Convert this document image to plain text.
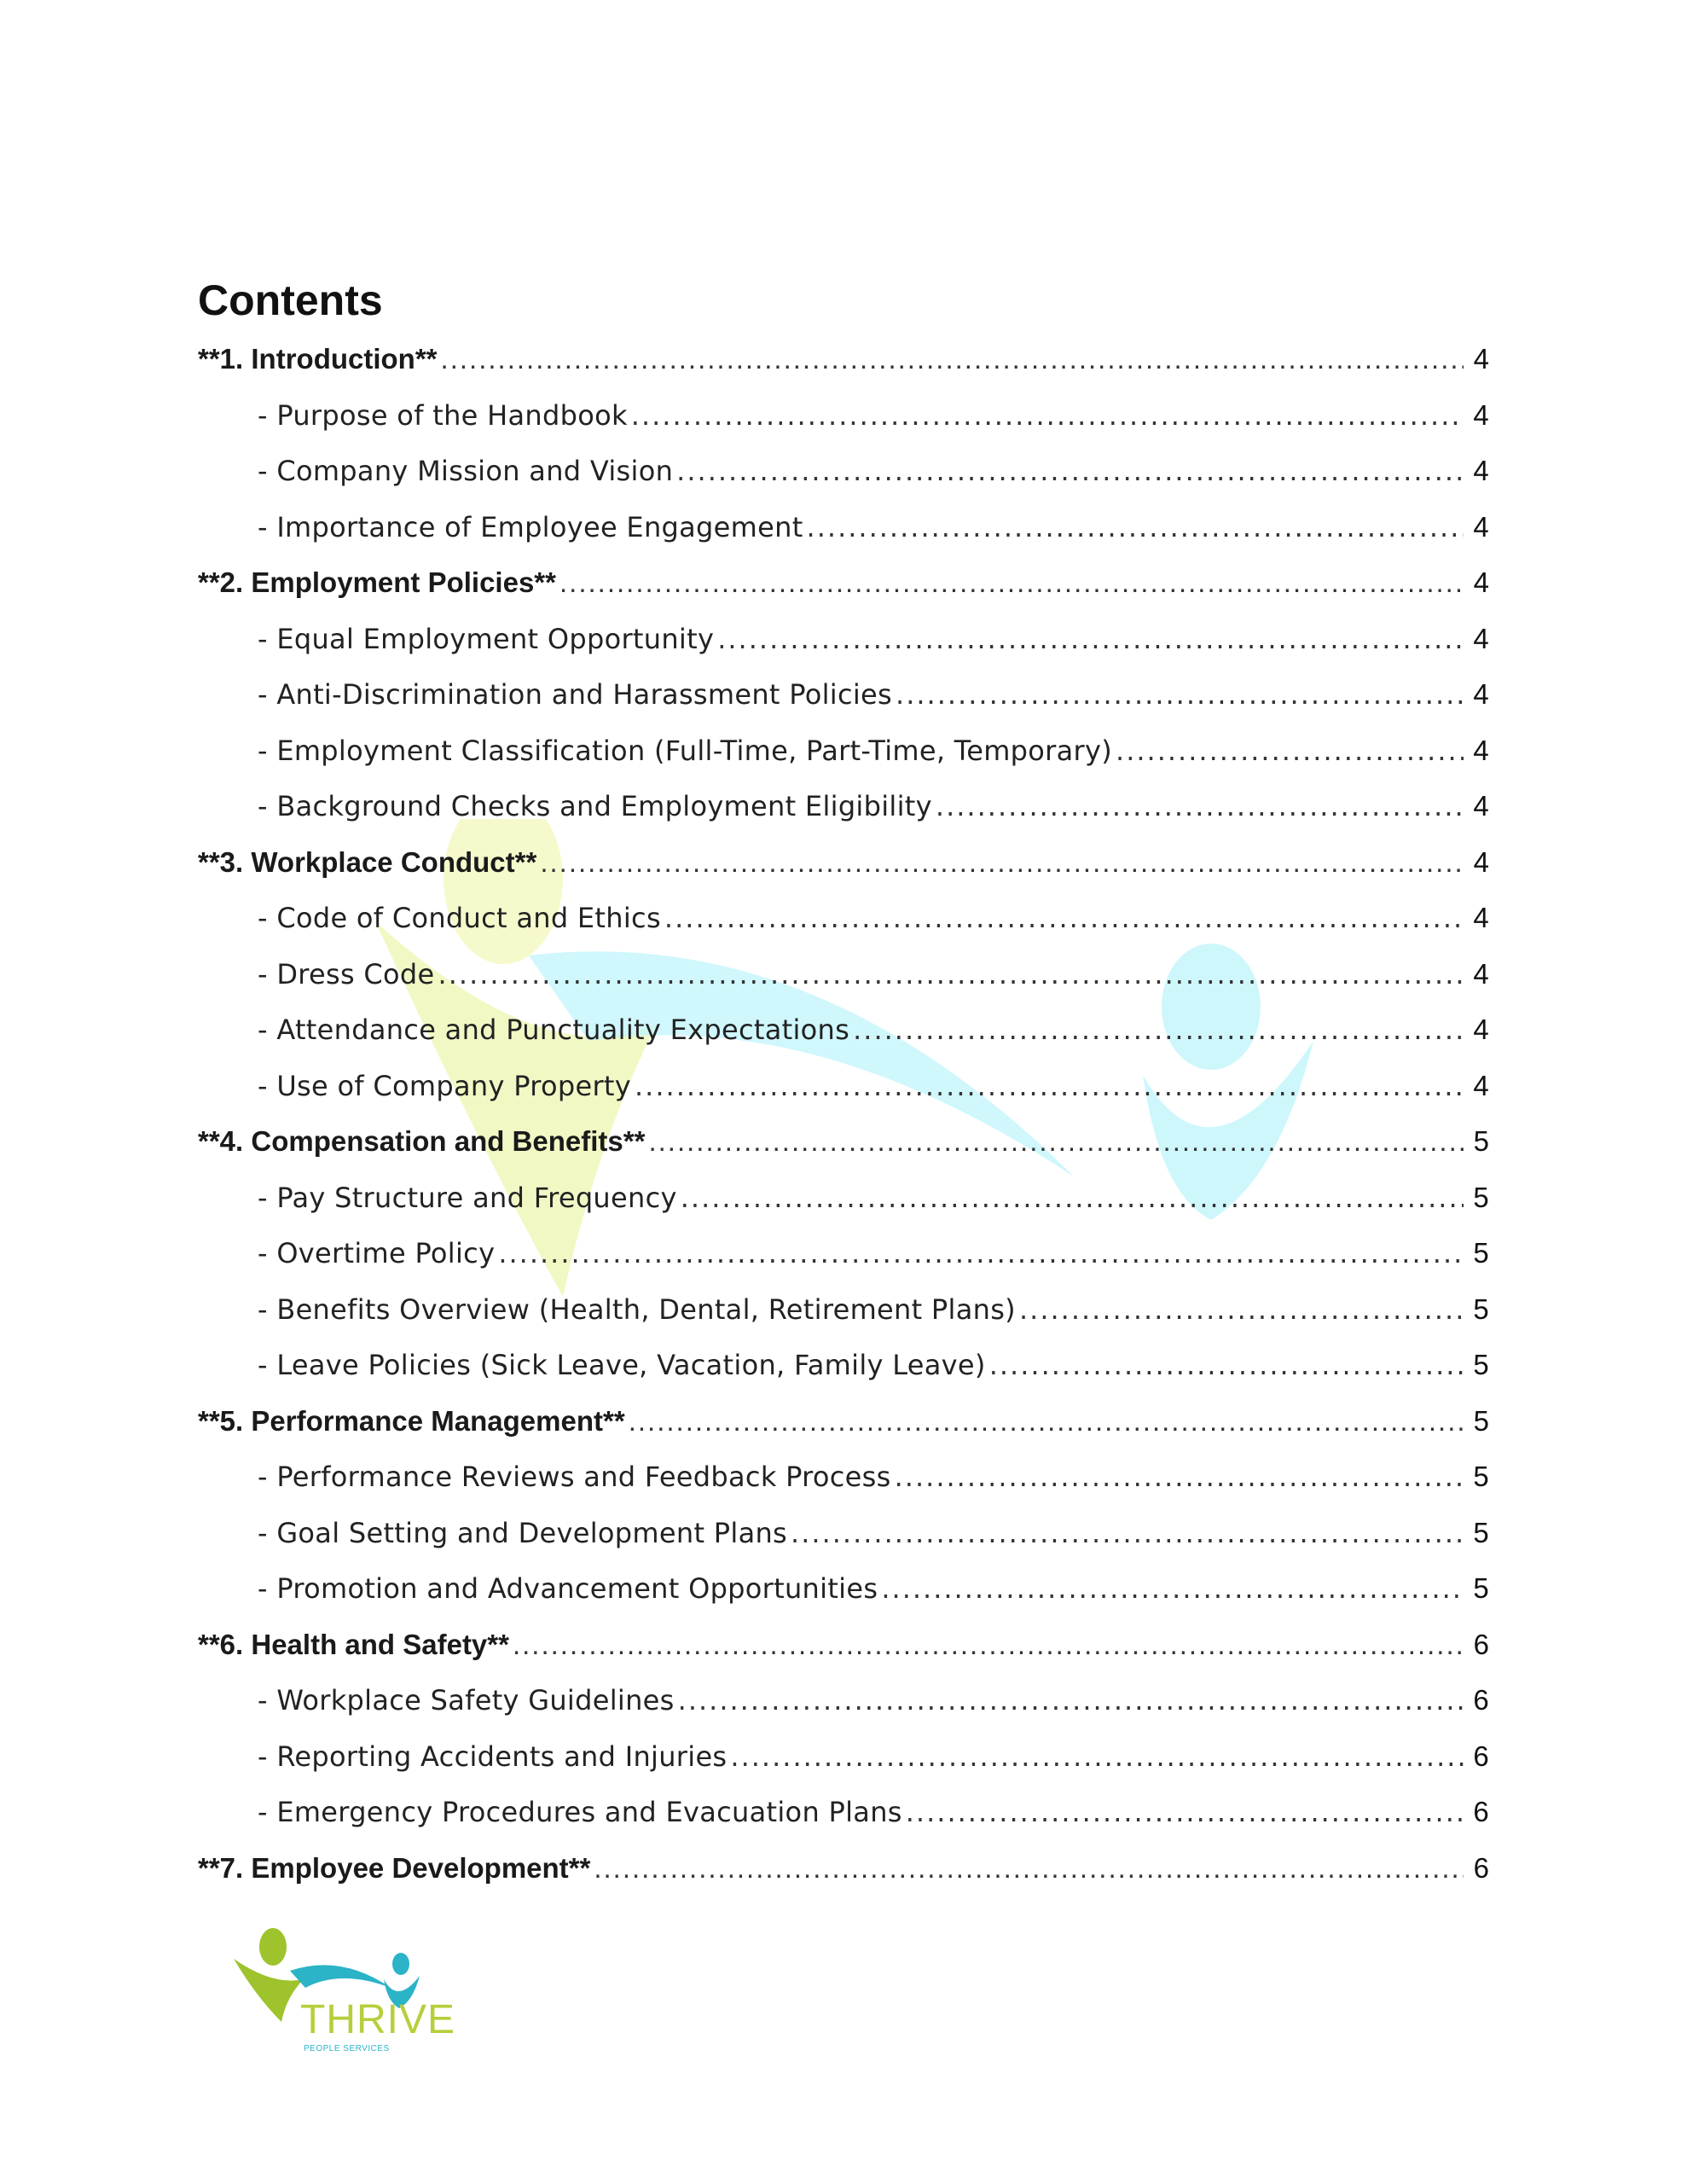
Contents
**1. Introduction** .....	4
- Purpose of the Handbook .....	4
- Company Mission and Vision .....	4
- Importance of Employee Engagement .....	4
**2. Employment Policies** .....	4
- Equal Employment Opportunity .....	4
- Anti-Discrimination and Harassment Policies .....	4
- Employment Classification (Full-Time, Part-Time, Temporary) .....	4
- Background Checks and Employment Eligibility .....	4
**3. Workplace Conduct** .....	4
- Code of Conduct and Ethics .....	4
- Dress Code .....	4
- Attendance and Punctuality Expectations .....	4
- Use of Company Property .....	4
**4. Compensation and Benefits** .....	5
- Pay Structure and Frequency .....	5
- Overtime Policy .....	5
- Benefits Overview (Health, Dental, Retirement Plans) .....	5
- Leave Policies (Sick Leave, Vacation, Family Leave) .....	5
**5. Performance Management** .....	5
- Performance Reviews and Feedback Process .....	5
- Goal Setting and Development Plans .....	5
- Promotion and Advancement Opportunities .....	5
**6. Health and Safety** .....	6
- Workplace Safety Guidelines .....	6
- Reporting Accidents and Injuries .....	6
- Emergency Procedures and Evacuation Plans .....	6
**7. Employee Development** .....	6
THRIVE
PEOPLE SERVICES
